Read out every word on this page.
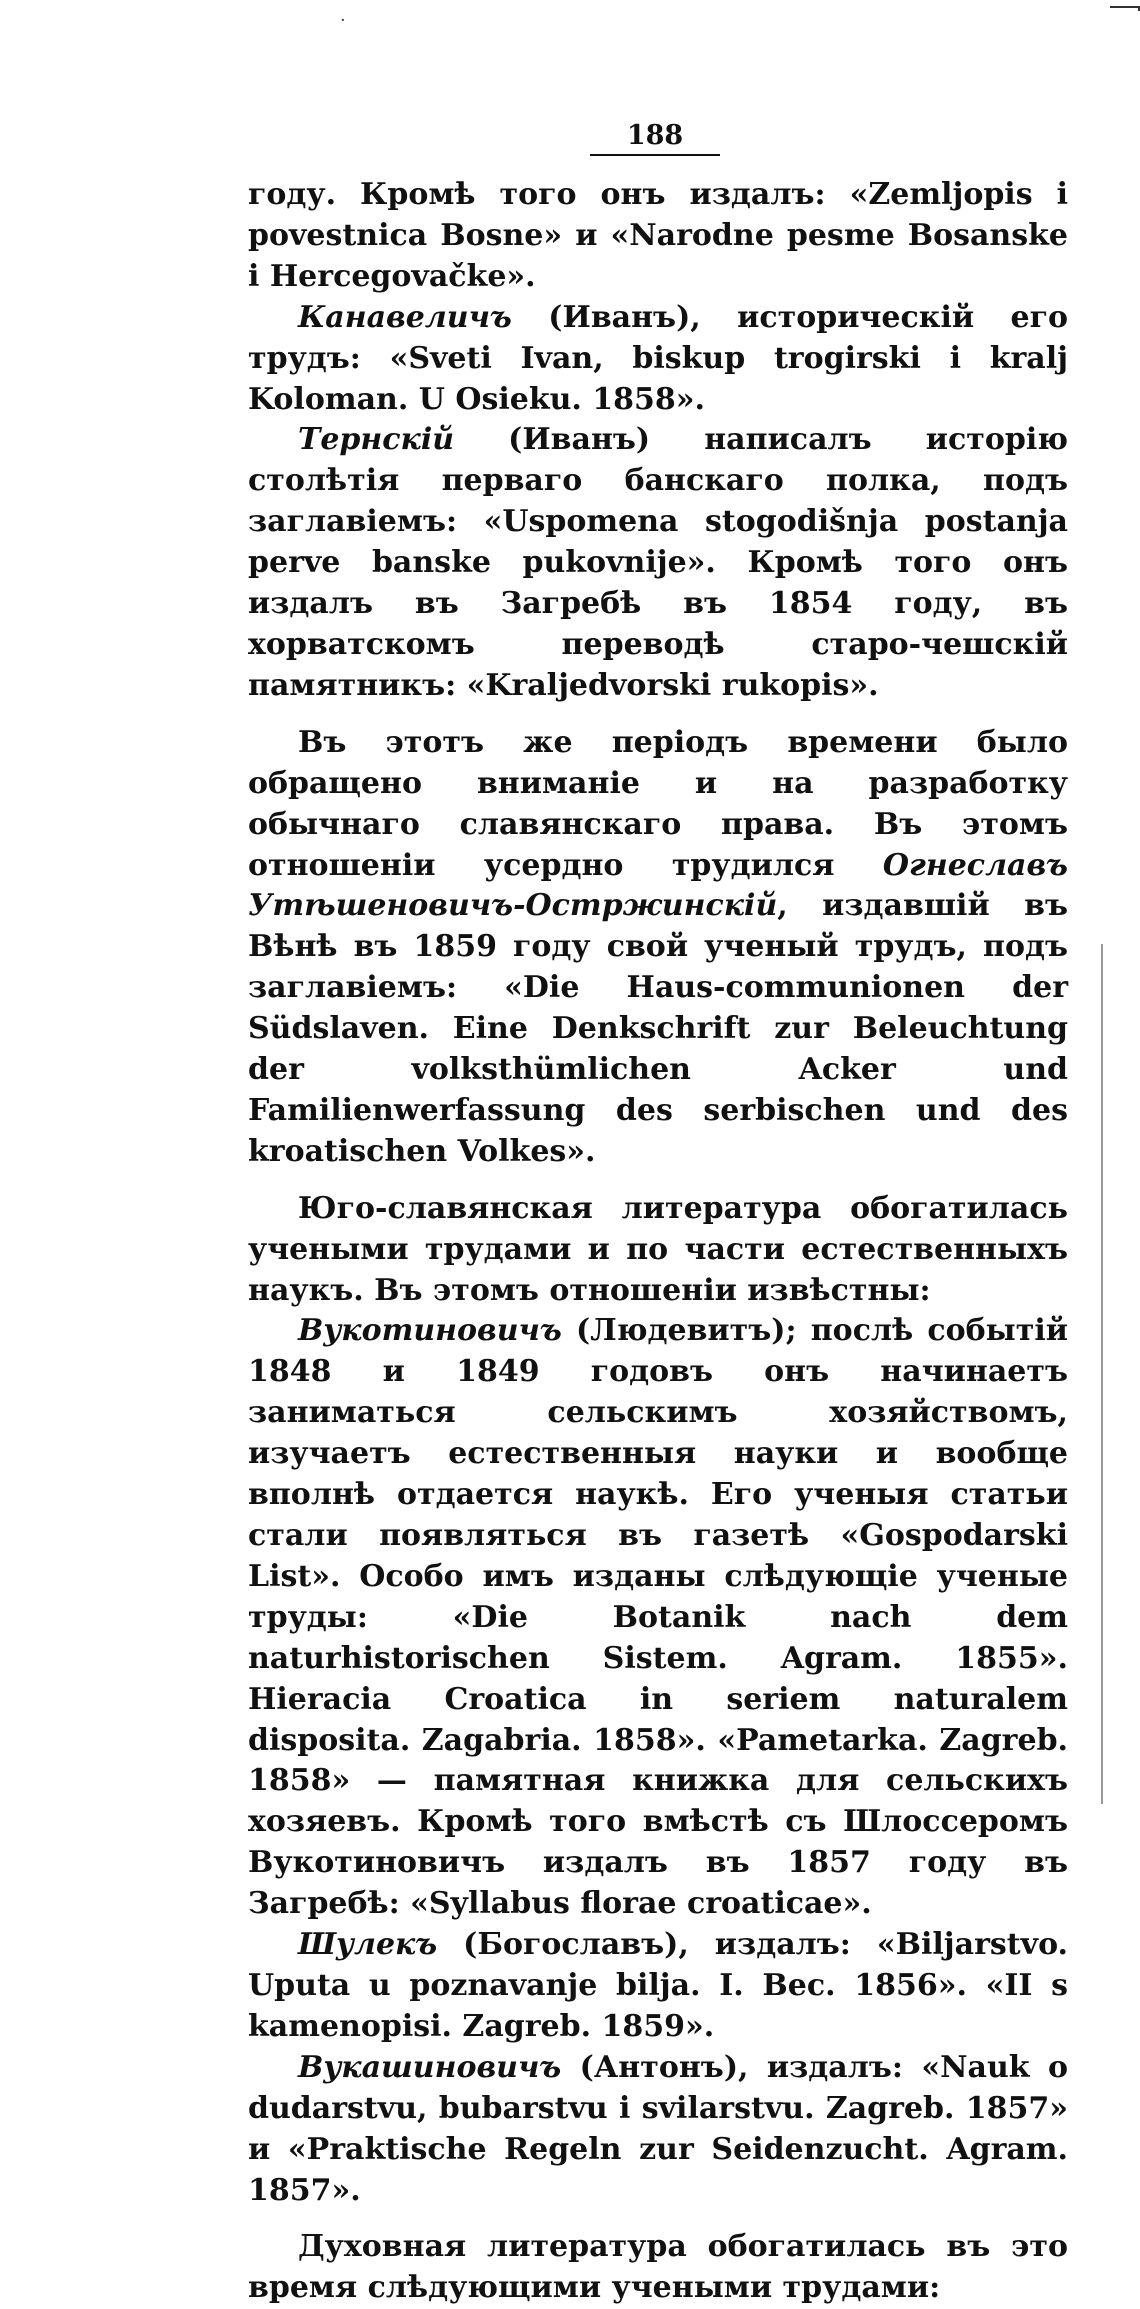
·
188

году. Кромѣ того онъ издалъ: «Zemljopis i povestnica Bosne» и «Narodne pesme Bosanske i Hercegovačke».

Канавеличъ (Иванъ), историческій его трудъ: «Sveti Ivan, biskup trogirski i kralj Koloman. U Osieku. 1858».

Тернскій (Иванъ) написалъ исторію столѣтія перваго банскаго полка, подъ заглавіемъ: «Uspomena stogodišnja postanja perve banske pukovnije». Кромѣ того онъ издалъ въ Загребѣ въ 1854 году, въ хорватскомъ переводѣ старо-чешскій памятникъ: «Kraljedvorski rukopis».

Въ этотъ же періодъ времени было обращено вниманіе и на разработку обычнаго славянскаго права. Въ этомъ отношеніи усердно трудился Огнеславъ Утѣшеновичъ-Остржинскій, издавшій въ Вѣнѣ въ 1859 году свой ученый трудъ, подъ заглавіемъ: «Die Haus-communionen der Südslaven. Eine Denkschrift zur Beleuchtung der volksthümlichen Acker und Familienwerfassung des serbischen und des kroatischen Volkes».

Юго-славянская литература обогатилась учеными трудами и по части естественныхъ наукъ. Въ этомъ отношеніи извѣстны:

Вукотиновичъ (Людевитъ); послѣ событій 1848 и 1849 годовъ онъ начинаетъ заниматься сельскимъ хозяйствомъ, изучаетъ естественныя науки и вообще вполнѣ отдается наукѣ. Его ученыя статьи стали появляться въ газетѣ «Gospodarski List». Особо имъ изданы слѣдующіе ученые труды: «Die Botanik nach dem naturhistorischen Sistem. Agram. 1855». Hieracia Croatica in seriem naturalem disposita. Zagabria. 1858». «Pametarka. Zagreb. 1858» — памятная книжка для сельскихъ хозяевъ. Кромѣ того вмѣстѣ съ Шлоссеромъ Вукотиновичъ издалъ въ 1857 году въ Загребѣ: «Syllabus florae croaticae».

Шулекъ (Богославъ), издалъ: «Biljarstvo. Uputa u poznavanje bilja. I. Bec. 1856». «II s kamenopisi. Zagreb. 1859».

Вукашиновичъ (Антонъ), издалъ: «Nauk o dudarstvu, bubarstvu i svilarstvu. Zagreb. 1857» и «Praktische Regeln zur Seidenzucht. Agram. 1857».

Духовная литература обогатилась въ это время слѣдующими учеными трудами:
